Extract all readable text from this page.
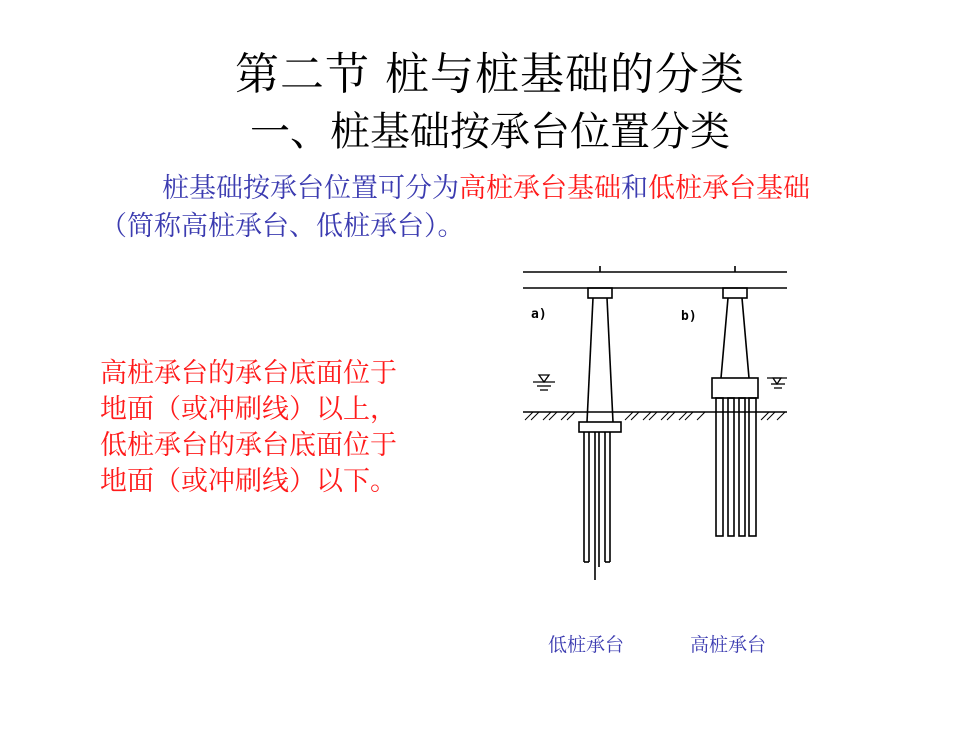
第二节 桩与桩基础的分类
一、桩基础按承台位置分类
桩基础按承台位置可分为高桩承台基础和低桩承台基础（简称高桩承台、低桩承台）。
高桩承台的承台底面位于
地面（或冲刷线）以上，
低桩承台的承台底面位于
地面（或冲刷线）以下。
a)	b)
低桩承台	高桩承台
